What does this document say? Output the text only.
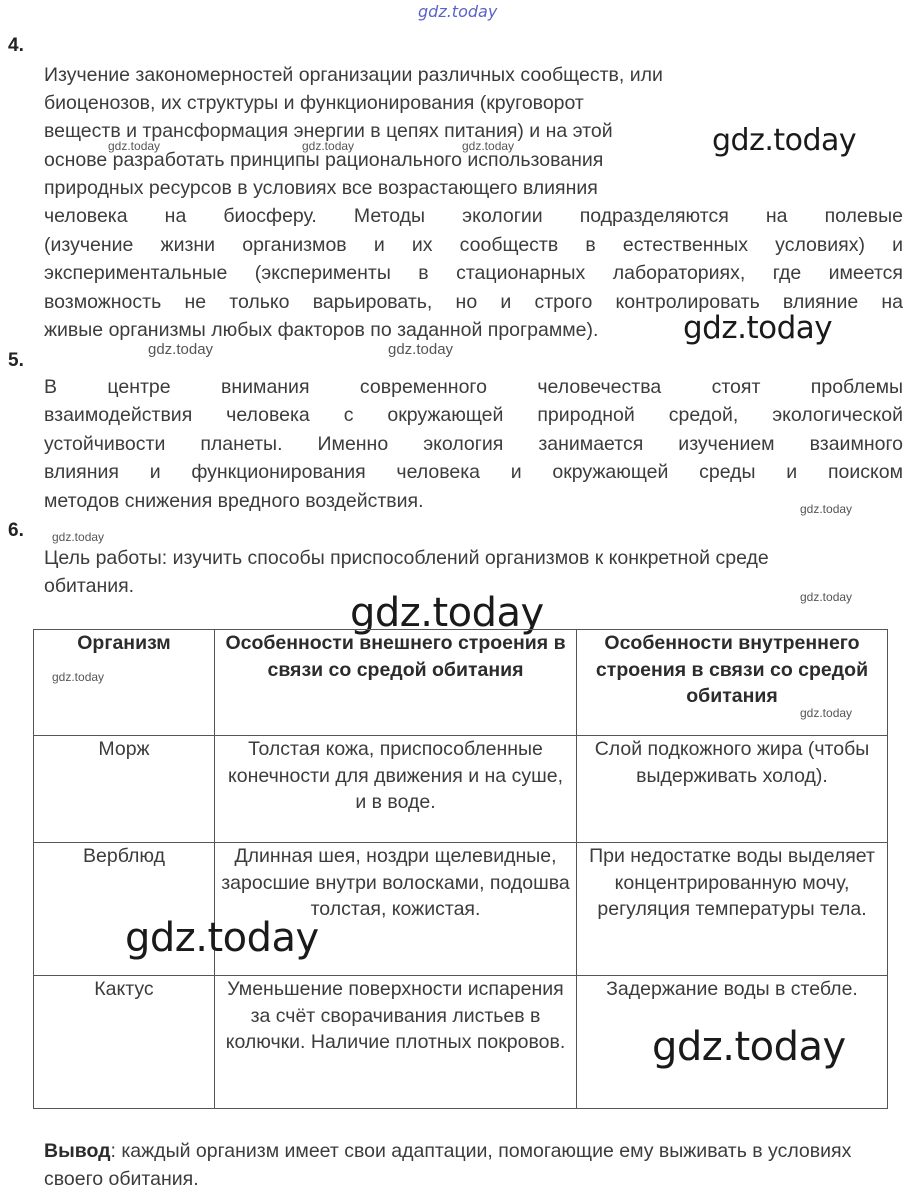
gdz.today
4.
Изучение закономерностей организации различных сообществ, или
биоценозов, их структуры и функционирования (круговорот
веществ и трансформация энергии в цепях питания) и на этой
основе разработать принципы рационального использования
природных ресурсов в условиях все возрастающего влияния
человека на биосферу. Методы экологии подразделяются на полевые
(изучение жизни организмов и их сообществ в естественных условиях) и
экспериментальные (эксперименты в стационарных лабораториях, где имеется
возможность не только варьировать, но и строго контролировать влияние на
живые организмы любых факторов по заданной программе).
gdz.today	gdz.today	gdz.today	gdz.today
gdz.today
gdz.today	gdz.today
5.
В центре внимания современного человечества стоят проблемы
взаимодействия человека с окружающей природной средой, экологической
устойчивости планеты. Именно экология занимается изучением взаимного
влияния и функционирования человека и окружающей среды и поиском
методов снижения вредного воздействия.	gdz.today
6. gdz.today
Цель работы: изучить способы приспособлений организмов к конкретной среде
обитания.	gdz.today
gdz.today
Организм	Особенности внешнего строения в связи со средой обитания	Особенности внутреннего строения в связи со средой обитания
Морж	Толстая кожа, приспособленные конечности для движения и на суше, и в воде.	Слой подкожного жира (чтобы выдерживать холод).
Верблюд	Длинная шея, ноздри щелевидные, заросшие внутри волосками, подошва толстая, кожистая.	При недостатке воды выделяет концентрированную мочу, регуляция температуры тела.
Кактус	Уменьшение поверхности испарения за счёт сворачивания листьев в колючки. Наличие плотных покровов.	Задержание воды в стебле.
gdz.today
gdz.today
gdz.today
gdz.today
Вывод: каждый организм имеет свои адаптации, помогающие ему выживать в условиях своего обитания.
